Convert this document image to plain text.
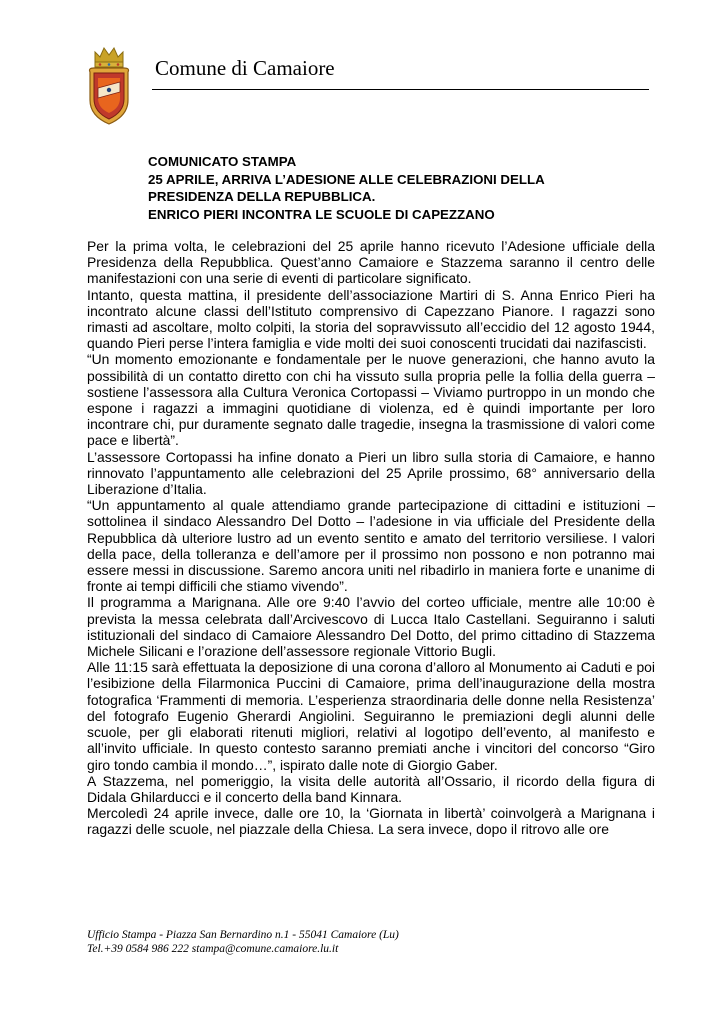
Comune di Camaiore
COMUNICATO STAMPA
25 APRILE, ARRIVA L’ADESIONE ALLE CELEBRAZIONI DELLA
PRESIDENZA DELLA REPUBBLICA.
ENRICO PIERI INCONTRA LE SCUOLE DI CAPEZZANO

Per la prima volta, le celebrazioni del 25 aprile hanno ricevuto l’Adesione ufficiale della Presidenza della Repubblica. Quest’anno Camaiore e Stazzema saranno il centro delle manifestazioni con una serie di eventi di particolare significato.

Intanto, questa mattina, il presidente dell’associazione Martiri di S. Anna Enrico Pieri ha incontrato alcune classi dell’Istituto comprensivo di Capezzano Pianore. I ragazzi sono rimasti ad ascoltare, molto colpiti, la storia del sopravvissuto all’eccidio del 12 agosto 1944, quando Pieri perse l’intera famiglia e vide molti dei suoi conoscenti trucidati dai nazifascisti.

“Un momento emozionante e fondamentale per le nuove generazioni, che hanno avuto la possibilità di un contatto diretto con chi ha vissuto sulla propria pelle la follia della guerra – sostiene l’assessora alla Cultura Veronica Cortopassi – Viviamo purtroppo in un mondo che espone i ragazzi a immagini quotidiane di violenza, ed è quindi importante per loro incontrare chi, pur duramente segnato dalle tragedie, insegna la trasmissione di valori come pace e libertà”.

L’assessore Cortopassi ha infine donato a Pieri un libro sulla storia di Camaiore, e hanno rinnovato l’appuntamento alle celebrazioni del 25 Aprile prossimo, 68° anniversario della Liberazione d’Italia.

“Un appuntamento al quale attendiamo grande partecipazione di cittadini e istituzioni – sottolinea il sindaco Alessandro Del Dotto – l’adesione in via ufficiale del Presidente della Repubblica dà ulteriore lustro ad un evento sentito e amato del territorio versiliese. I valori della pace, della tolleranza e dell’amore per il prossimo non possono e non potranno mai essere messi in discussione. Saremo ancora uniti nel ribadirlo in maniera forte e unanime di fronte ai tempi difficili che stiamo vivendo”.

Il programma a Marignana. Alle ore 9:40 l’avvio del corteo ufficiale, mentre alle 10:00 è prevista la messa celebrata dall’Arcivescovo di Lucca Italo Castellani. Seguiranno i saluti istituzionali del sindaco di Camaiore Alessandro Del Dotto, del primo cittadino di Stazzema Michele Silicani e l’orazione dell’assessore regionale Vittorio Bugli.

Alle 11:15 sarà effettuata la deposizione di una corona d’alloro al Monumento ai Caduti e poi l’esibizione della Filarmonica Puccini di Camaiore, prima dell’inaugurazione della mostra fotografica ‘Frammenti di memoria. L’esperienza straordinaria delle donne nella Resistenza’ del fotografo Eugenio Gherardi Angiolini. Seguiranno le premiazioni degli alunni delle scuole, per gli elaborati ritenuti migliori, relativi al logotipo dell’evento, al manifesto e all’invito ufficiale. In questo contesto saranno premiati anche i vincitori del concorso “Giro giro tondo cambia il mondo…”, ispirato dalle note di Giorgio Gaber.

A Stazzema, nel pomeriggio, la visita delle autorità all’Ossario, il ricordo della figura di Didala Ghilarducci e il concerto della band Kinnara.

Mercoledì 24 aprile invece, dalle ore 10, la ‘Giornata in libertà’ coinvolgerà a Marignana i ragazzi delle scuole, nel piazzale della Chiesa. La sera invece, dopo il ritrovo alle ore

Ufficio Stampa - Piazza San Bernardino n.1 - 55041 Camaiore (Lu)
Tel.+39 0584 986 222 stampa@comune.camaiore.lu.it
